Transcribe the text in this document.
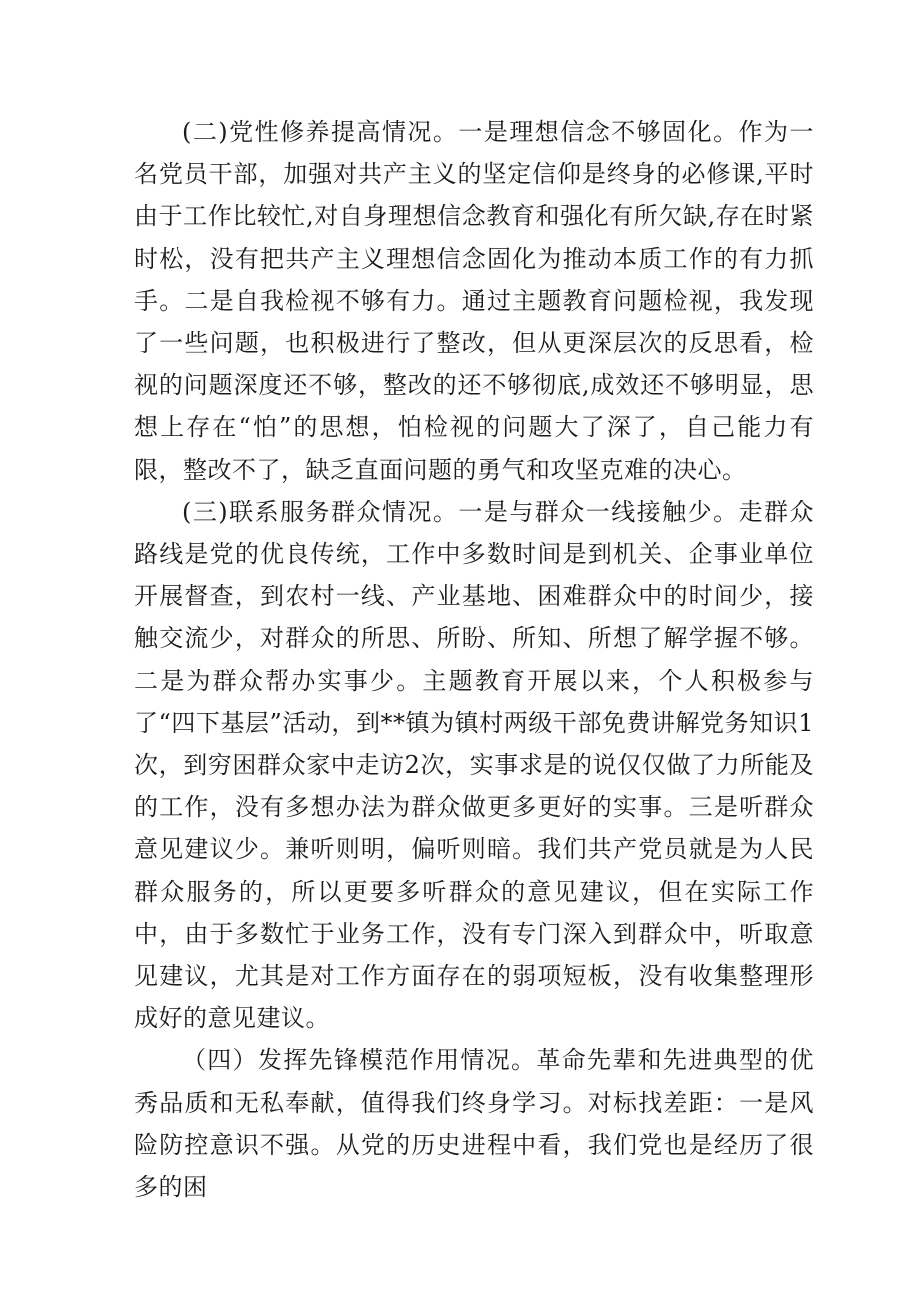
(二)党性修养提高情况。一是理想信念不够固化。作为一名党员干部，加强对共产主义的坚定信仰是终身的必修课,平时由于工作比较忙,对自身理想信念教育和强化有所欠缺,存在时紧时松，没有把共产主义理想信念固化为推动本质工作的有力抓手。二是自我检视不够有力。通过主题教育问题检视，我发现了一些问题，也积极进行了整改，但从更深层次的反思看，检视的问题深度还不够，整改的还不够彻底,成效还不够明显，思想上存在“怕”的思想，怕检视的问题大了深了，自己能力有限，整改不了，缺乏直面问题的勇气和攻坚克难的决心。

(三)联系服务群众情况。一是与群众一线接触少。走群众路线是党的优良传统，工作中多数时间是到机关、企事业单位开展督查，到农村一线、产业基地、困难群众中的时间少，接触交流少，对群众的所思、所盼、所知、所想了解学握不够。二是为群众帮办实事少。主题教育开展以来，个人积极参与了“四下基层”活动，到**镇为镇村两级干部免费讲解党务知识1次，到穷困群众家中走访2次，实事求是的说仅仅做了力所能及的工作，没有多想办法为群众做更多更好的实事。三是听群众意见建议少。兼听则明，偏听则暗。我们共产党员就是为人民群众服务的，所以更要多听群众的意见建议，但在实际工作中，由于多数忙于业务工作，没有专门深入到群众中，听取意见建议，尤其是对工作方面存在的弱项短板，没有收集整理形成好的意见建议。

（四）发挥先锋模范作用情况。革命先辈和先进典型的优秀品质和无私奉献，值得我们终身学习。对标找差距：一是风险防控意识不强。从党的历史进程中看，我们党也是经历了很多的困
